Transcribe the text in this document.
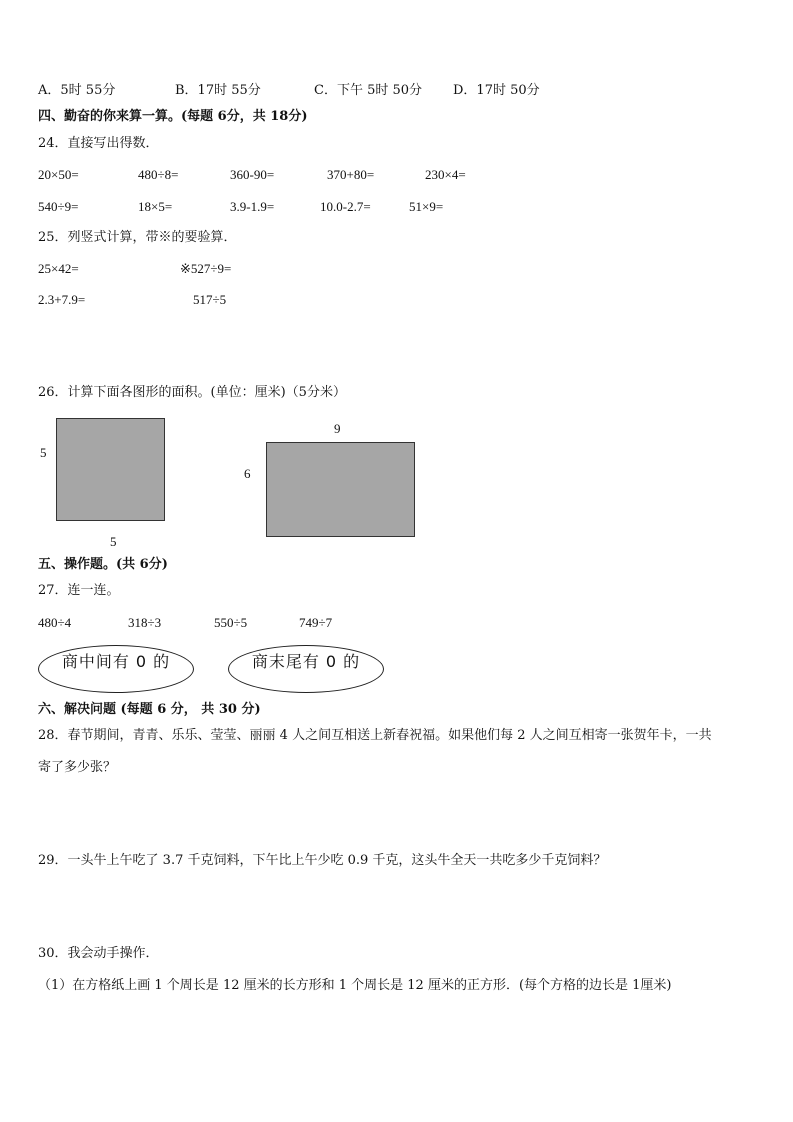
A．5时 55分	B．17时 55分	C．下午 5时 50分 D．17时 50分
四、勤奋的你来算一算。(每题 6分，共 18分)
24．直接写出得数．
20×50=	480÷8=	360-90=	370+80=	230×4=
540÷9=	18×5=	3.9-1.9=	10.0-2.7=	51×9=
25．列竖式计算，带※的要验算．
25×42=	※527÷9=
2.3+7.9=	517÷5
26．计算下面各图形的面积。(单位：厘米)（5分米）
5
5
9
6
五、操作题。(共 6分)
27．连一连。
480÷4	318÷3	550÷5	749÷7
商中间有 0 的	商末尾有 0 的
六、解决问题 (每题 6 分， 共 30 分)
28．春节期间，青青、乐乐、莹莹、丽丽 4 人之间互相送上新春祝福。如果他们每 2 人之间互相寄一张贺年卡，一共
寄了多少张？
29．一头牛上午吃了 3.7 千克饲料，下午比上午少吃 0.9 千克，这头牛全天一共吃多少千克饲料？
30．我会动手操作．
（1）在方格纸上画 1 个周长是 12 厘米的长方形和 1 个周长是 12 厘米的正方形．(每个方格的边长是 1厘米)
